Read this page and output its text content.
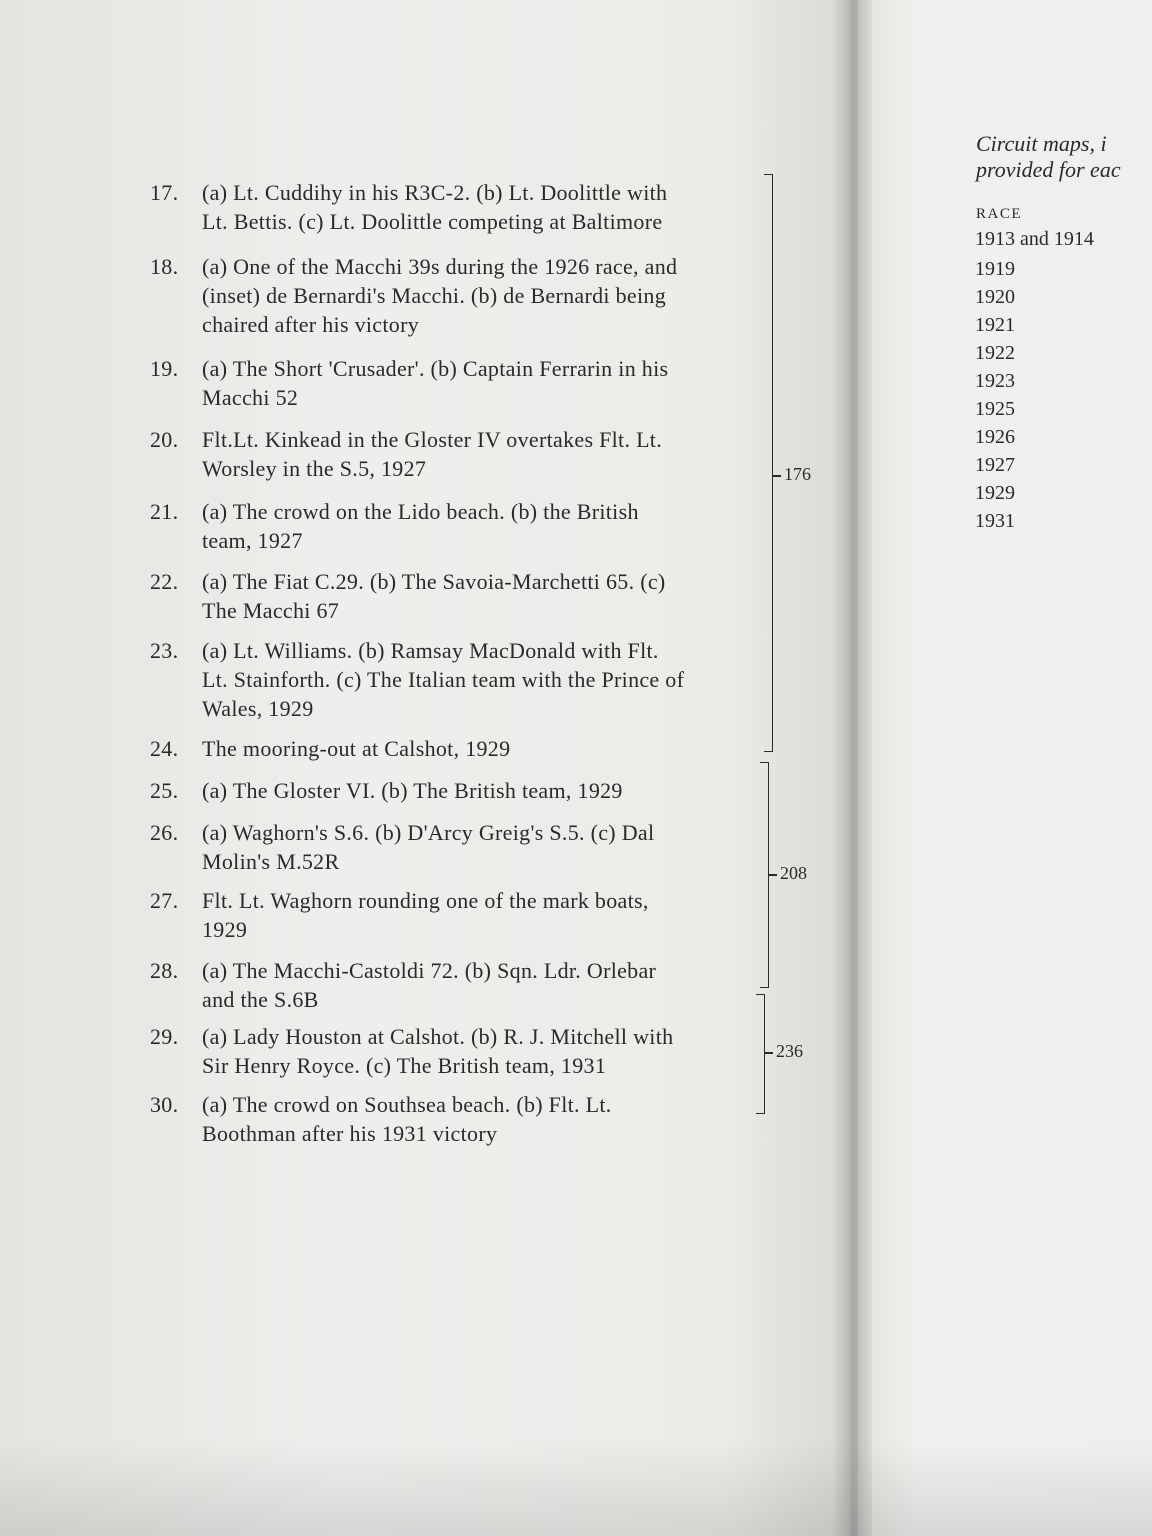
17.	(a) Lt. Cuddihy in his R3C-2. (b) Lt. Doolittle with
Lt. Bettis. (c) Lt. Doolittle competing at Baltimore
18.	(a) One of the Macchi 39s during the 1926 race, and
(inset) de Bernardi's Macchi. (b) de Bernardi being
chaired after his victory
19.	(a) The Short 'Crusader'. (b) Captain Ferrarin in his
Macchi 52
20.	Flt.Lt. Kinkead in the Gloster IV overtakes Flt. Lt.
Worsley in the S.5, 1927
21.	(a) The crowd on the Lido beach. (b) the British
team, 1927
22.	(a) The Fiat C.29. (b) The Savoia-Marchetti 65. (c)
The Macchi 67
23.	(a) Lt. Williams. (b) Ramsay MacDonald with Flt.
Lt. Stainforth. (c) The Italian team with the Prince of
Wales, 1929
24.	The mooring-out at Calshot, 1929
25.	(a) The Gloster VI. (b) The British team, 1929
26.	(a) Waghorn's S.6. (b) D'Arcy Greig's S.5. (c) Dal
Molin's M.52R
27.	Flt. Lt. Waghorn rounding one of the mark boats,
1929
28.	(a) The Macchi-Castoldi 72. (b) Sqn. Ldr. Orlebar
and the S.6B
29.	(a) Lady Houston at Calshot. (b) R. J. Mitchell with
Sir Henry Royce. (c) The British team, 1931
30.	(a) The crowd on Southsea beach. (b) Flt. Lt.
Boothman after his 1931 victory
176
208
236
Circuit maps, i
provided for eac
RACE
1913 and 1914
1919
1920
1921
1922
1923
1925
1926
1927
1929
1931
